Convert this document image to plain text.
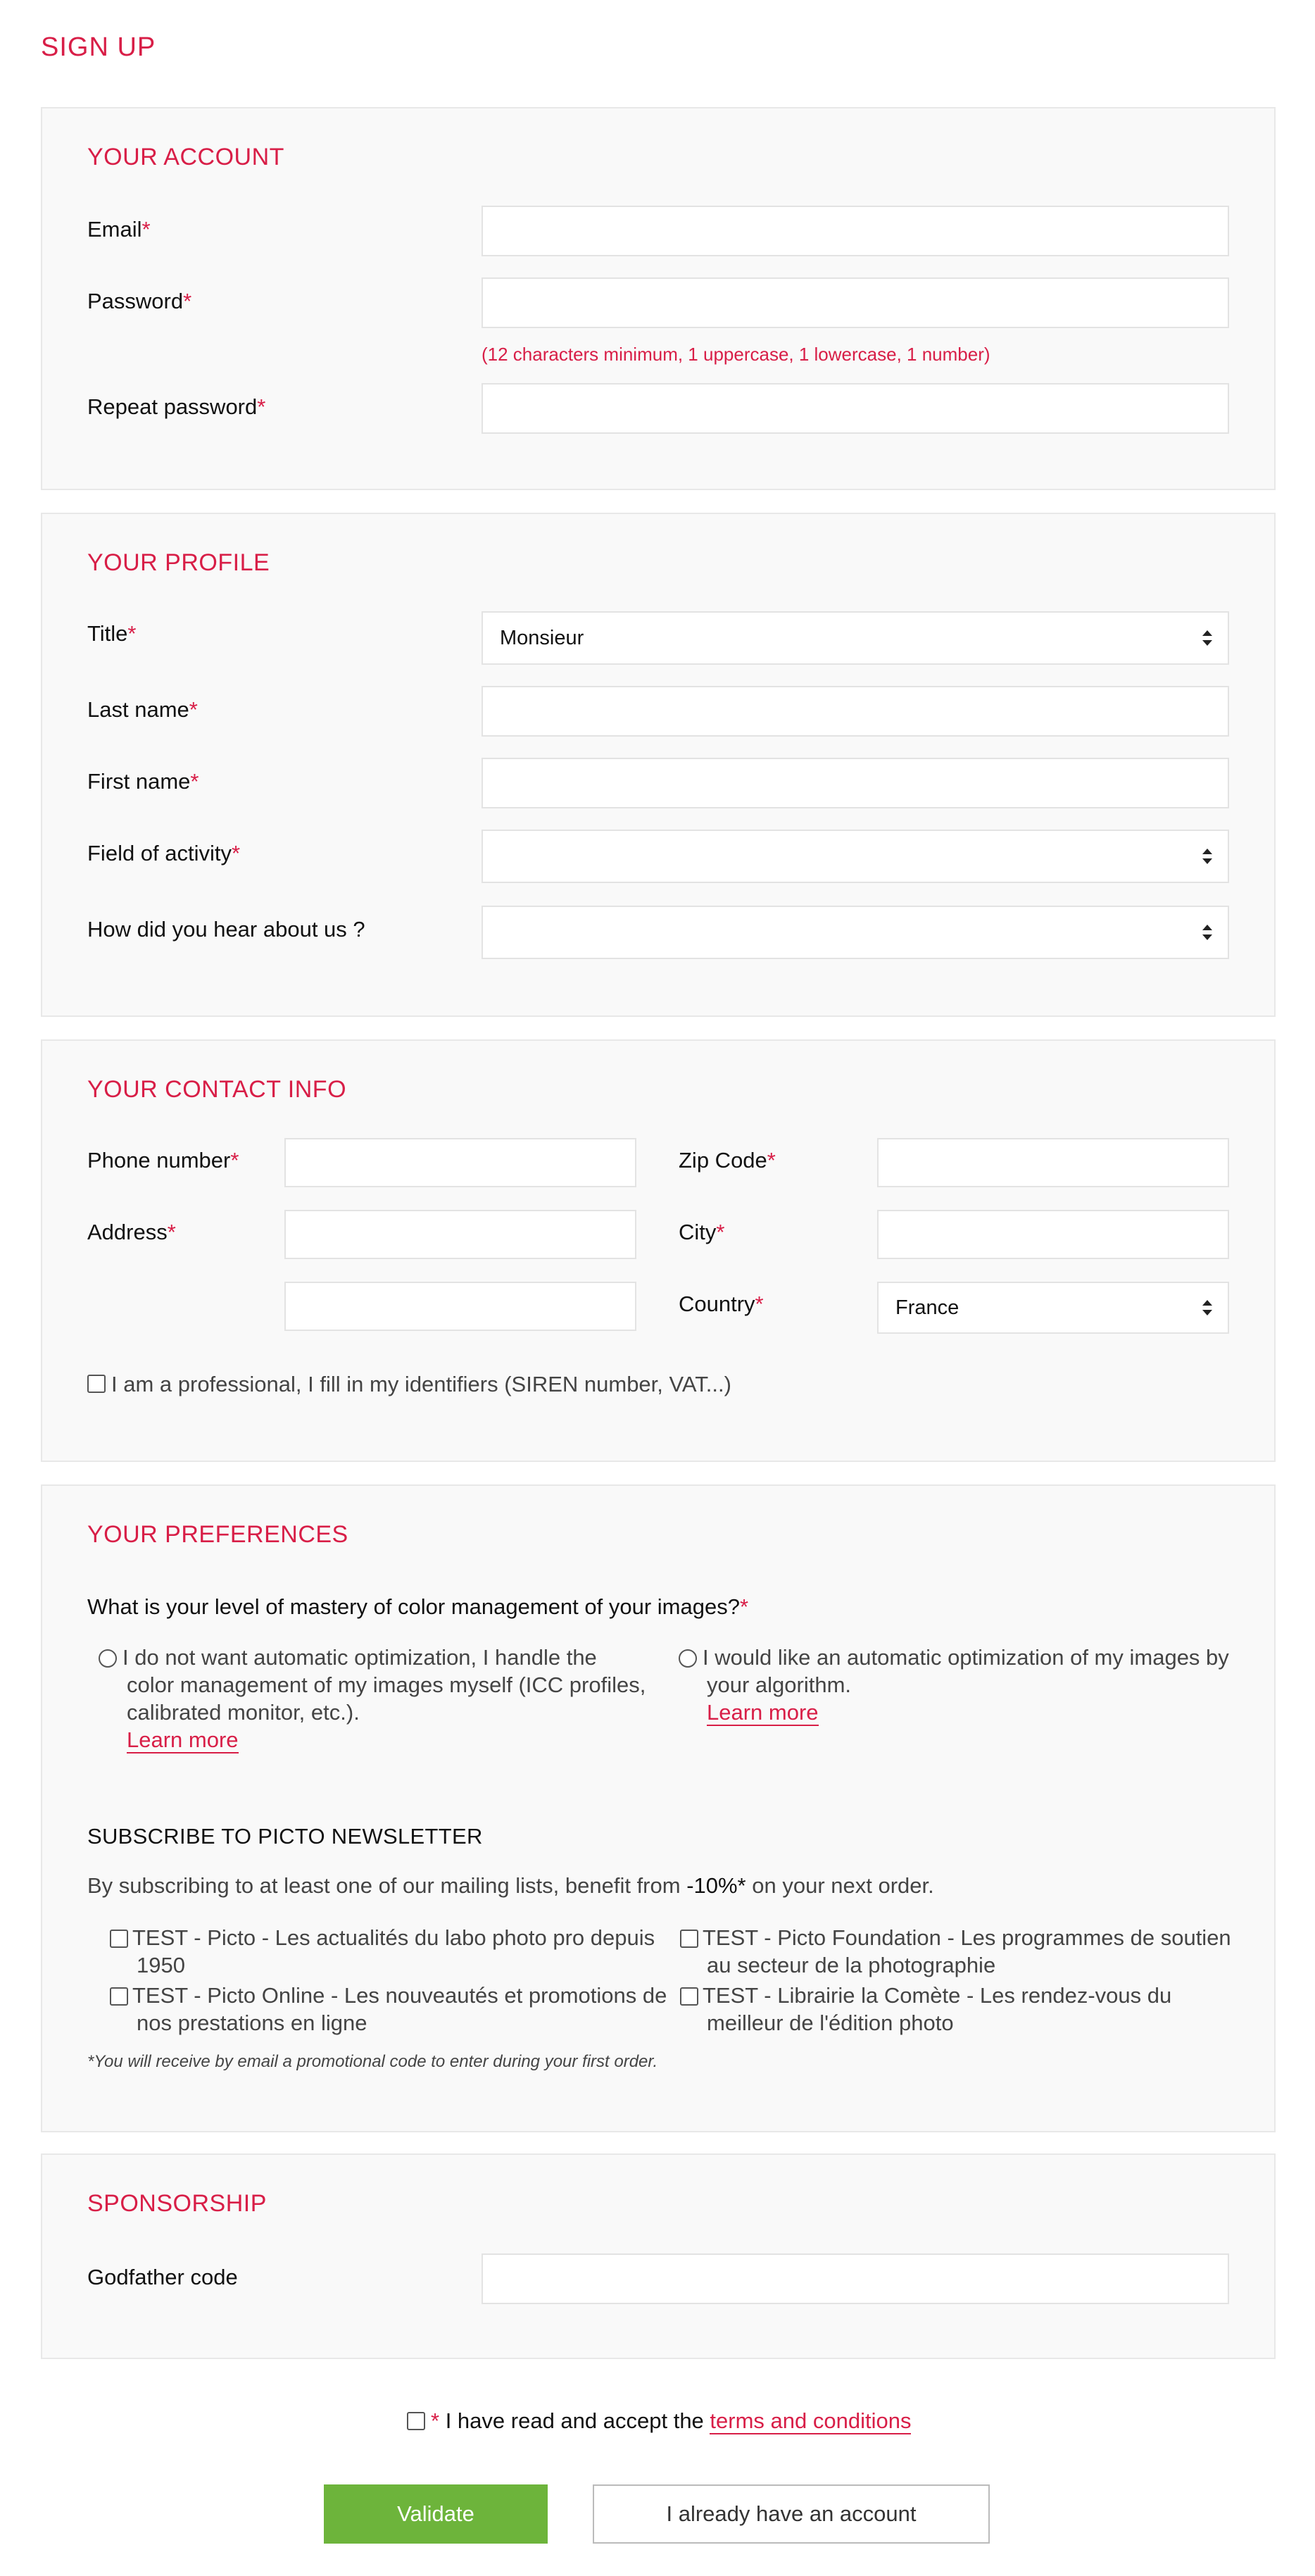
SIGN UP
YOUR ACCOUNT
Email*
Password*
(12 characters minimum, 1 uppercase, 1 lowercase, 1 number)
Repeat password*
YOUR PROFILE
Title*	Monsieur
Last name*
First name*
Field of activity*
How did you hear about us ?
YOUR CONTACT INFO
Phone number*	Zip Code*
Address*	City*
Country*	France
I am a professional, I fill in my identifiers (SIREN number, VAT...)
YOUR PREFERENCES
What is your level of mastery of color management of your images?*
I do not want automatic optimization, I handle the
color management of my images myself (ICC profiles,
calibrated monitor, etc.).
Learn more
I would like an automatic optimization of my images by
your algorithm.
Learn more
SUBSCRIBE TO PICTO NEWSLETTER
By subscribing to at least one of our mailing lists, benefit from -10%* on your next order.
TEST - Picto - Les actualités du labo photo pro depuis
1950
TEST - Picto Foundation - Les programmes de soutien
au secteur de la photographie
TEST - Picto Online - Les nouveautés et promotions de
nos prestations en ligne
TEST - Librairie la Comète - Les rendez-vous du
meilleur de l'édition photo
*You will receive by email a promotional code to enter during your first order.
SPONSORSHIP
Godfather code
* I have read and accept the terms and conditions
Validate	I already have an account
